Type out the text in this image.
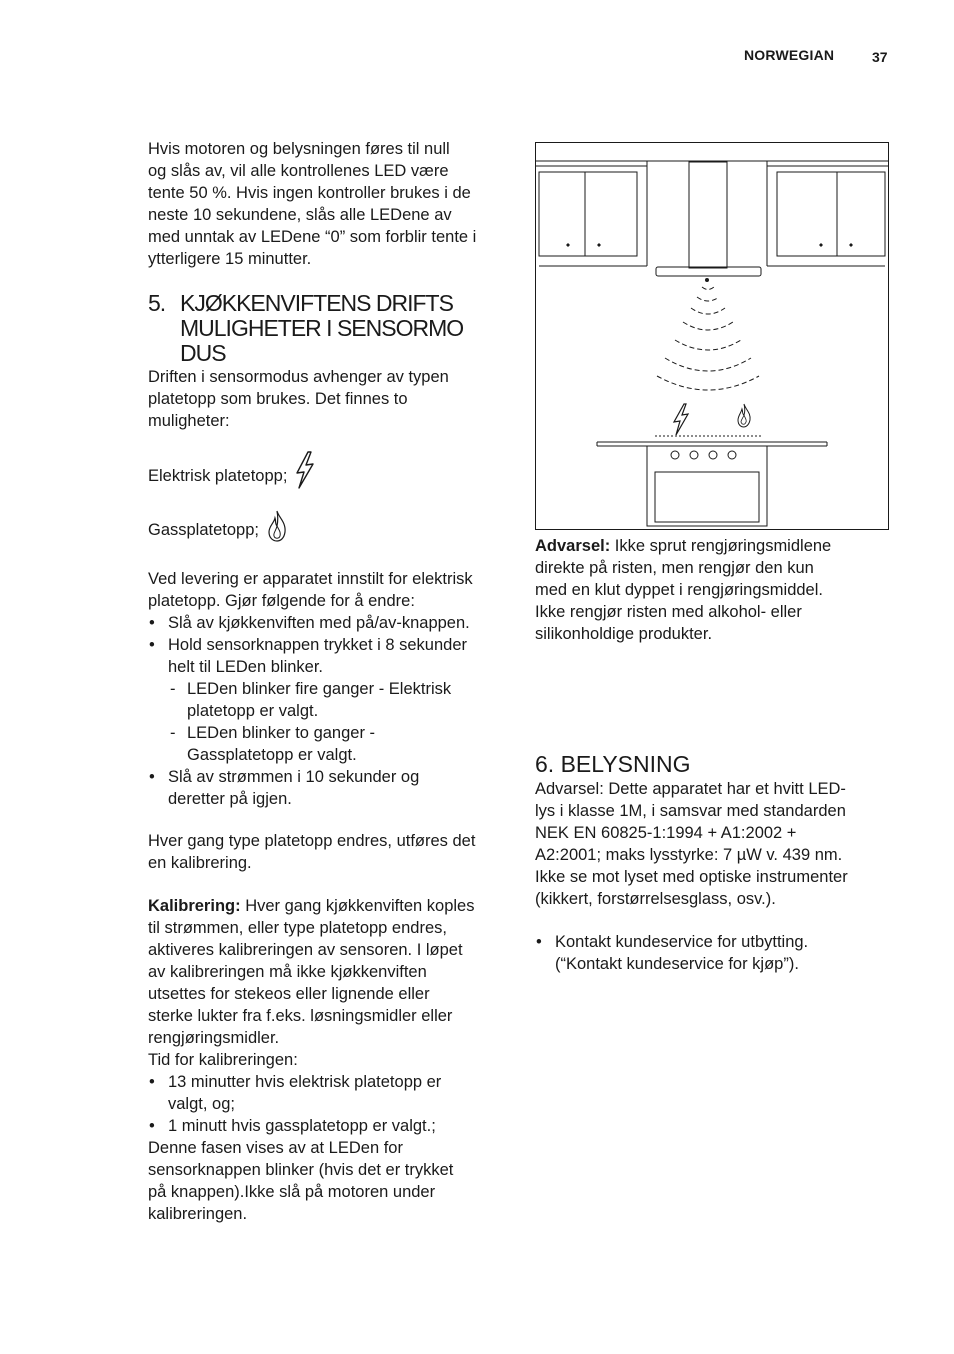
NORWEGIAN	37
Hvis motoren og belysningen føres til null
og slås av, vil alle kontrollenes LED være
tente 50 %. Hvis ingen kontroller brukes i de
neste 10 sekundene, slås alle LEDene av
med unntak av LEDene “0” som forblir tente i
ytterligere 15 minutter.
5. KJØKKENVIFTENS DRIFTS
MULIGHETER I SENSORMO
DUS
Driften i sensormodus avhenger av typen
platetopp som brukes. Det finnes to
muligheter:
Elektrisk platetopp;
Gassplatetopp;
Ved levering er apparatet innstilt for elektrisk
platetopp. Gjør følgende for å endre:
• Slå av kjøkkenviften med på/av-knappen.
• Hold sensorknappen trykket i 8 sekunder
helt til LEDen blinker.
- LEDen blinker fire ganger - Elektrisk
platetopp er valgt.
- LEDen blinker to ganger -
Gassplatetopp er valgt.
• Slå av strømmen i 10 sekunder og
deretter på igjen.
Hver gang type platetopp endres, utføres det
en kalibrering.
Kalibrering: Hver gang kjøkkenviften koples
til strømmen, eller type platetopp endres,
aktiveres kalibreringen av sensoren. I løpet
av kalibreringen må ikke kjøkkenviften
utsettes for stekeos eller lignende eller
sterke lukter fra f.eks. løsningsmidler eller
rengjøringsmidler.
Tid for kalibreringen:
• 13 minutter hvis elektrisk platetopp er
valgt, og;
• 1 minutt hvis gassplatetopp er valgt.;
Denne fasen vises av at LEDen for
sensorknappen blinker (hvis det er trykket
på knappen).Ikke slå på motoren under
kalibreringen.
Advarsel: Ikke sprut rengjøringsmidlene
direkte på risten, men rengjør den kun
med en klut dyppet i rengjøringsmiddel.
Ikke rengjør risten med alkohol- eller
silikonholdige produkter.
6. BELYSNING
Advarsel: Dette apparatet har et hvitt LED-
lys i klasse 1M, i samsvar med standarden
NEK EN 60825-1:1994 + A1:2002 +
A2:2001; maks lysstyrke: 7 µW v. 439 nm.
Ikke se mot lyset med optiske instrumenter
(kikkert, forstørrelsesglass, osv.).
• Kontakt kundeservice for utbytting.
(“Kontakt kundeservice for kjøp”).
